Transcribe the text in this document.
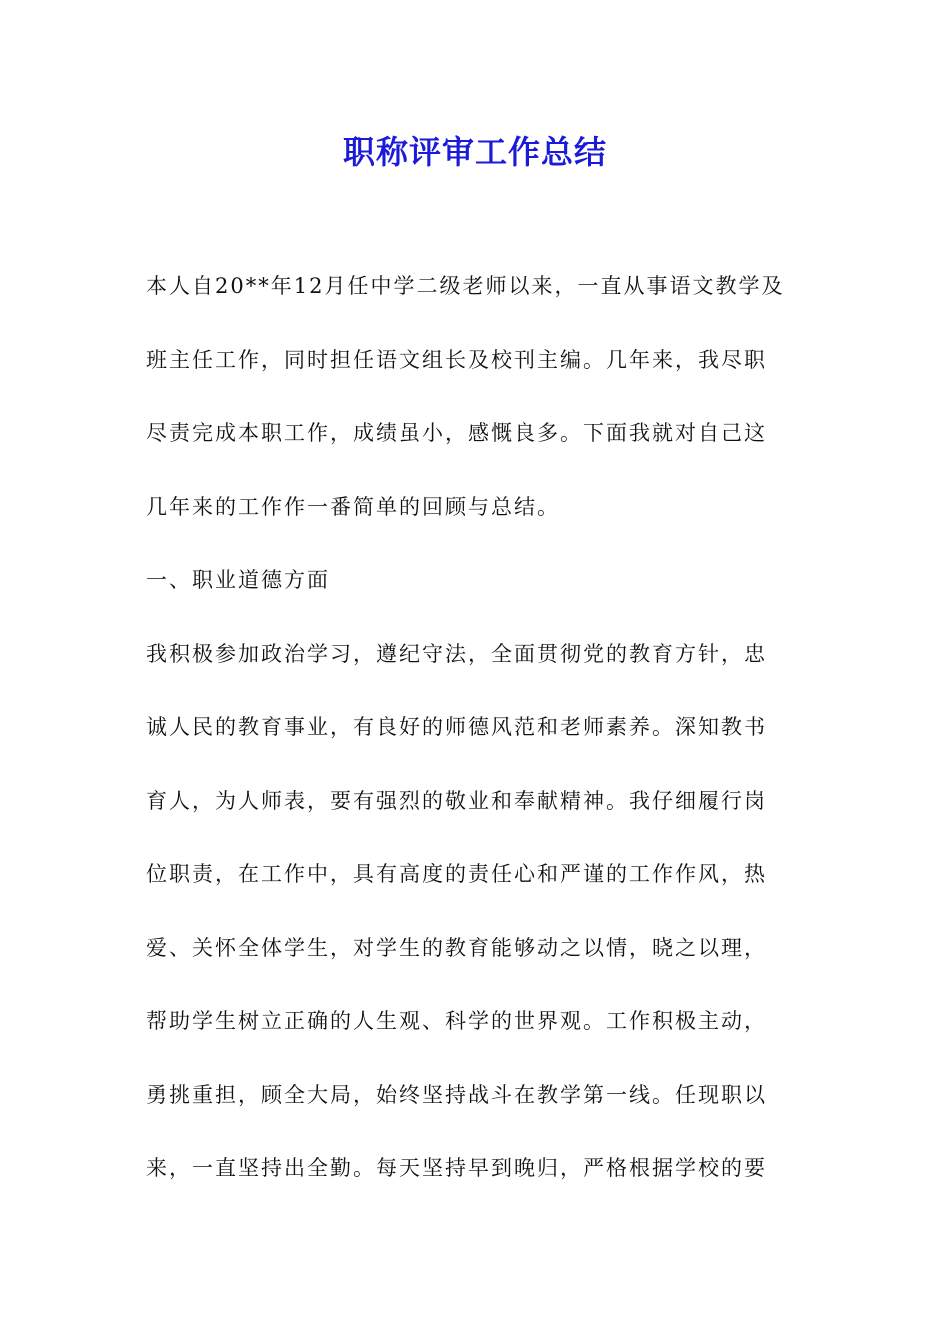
职称评审工作总结
本人自20**年12月任中学二级老师以来，一直从事语文教学及
班主任工作，同时担任语文组长及校刊主编。几年来，我尽职
尽责完成本职工作，成绩虽小，感慨良多。下面我就对自己这
几年来的工作作一番简单的回顾与总结。
一、职业道德方面
我积极参加政治学习，遵纪守法，全面贯彻党的教育方针，忠
诚人民的教育事业，有良好的师德风范和老师素养。深知教书
育人，为人师表，要有强烈的敬业和奉献精神。我仔细履行岗
位职责，在工作中，具有高度的责任心和严谨的工作作风，热
爱、关怀全体学生，对学生的教育能够动之以情，晓之以理，
帮助学生树立正确的人生观、科学的世界观。工作积极主动，
勇挑重担，顾全大局，始终坚持战斗在教学第一线。任现职以
来，一直坚持出全勤。每天坚持早到晚归，严格根据学校的要
